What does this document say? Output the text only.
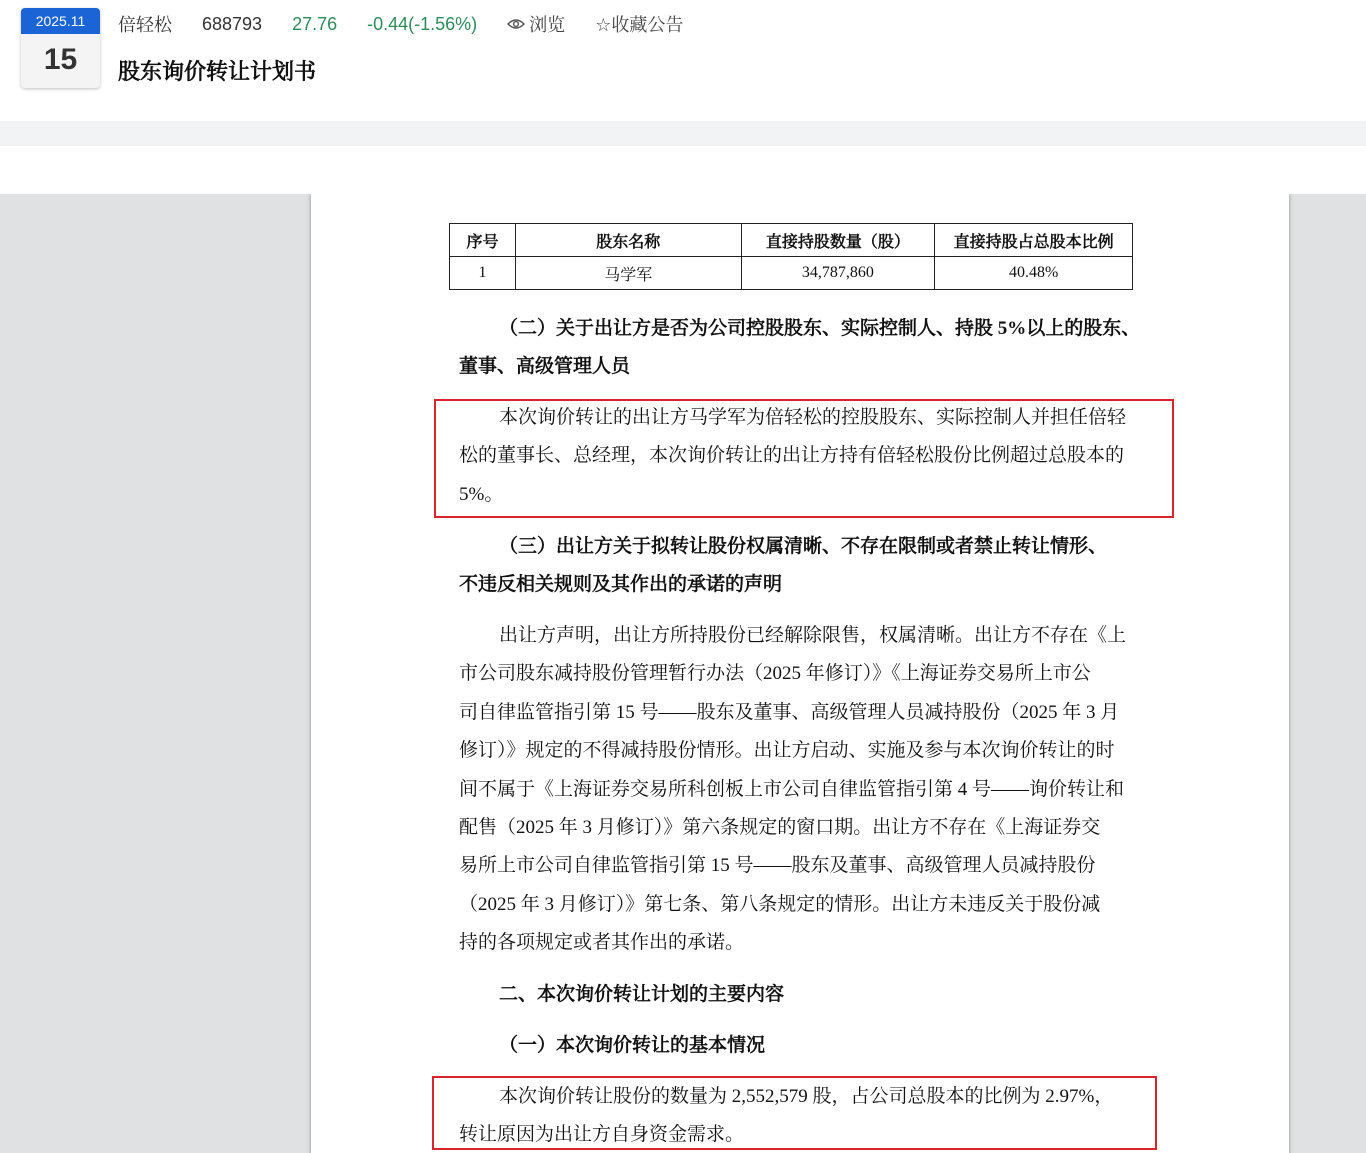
2025.11
15
倍轻松 688793 27.76 -0.44(-1.56%)	浏览 ☆收藏公告
股东询价转让计划书
序号	股东名称	直接持股数量（股）	直接持股占总股本比例
1	马学军	34,787,860	40.48%
（二）关于出让方是否为公司控股股东、实际控制人、持股 5%以上的股东、
董事、高级管理人员
本次询价转让的出让方马学军为倍轻松的控股股东、实际控制人并担任倍轻
松的董事长、总经理，本次询价转让的出让方持有倍轻松股份比例超过总股本的
5%。
（三）出让方关于拟转让股份权属清晰、不存在限制或者禁止转让情形、
不违反相关规则及其作出的承诺的声明
出让方声明，出让方所持股份已经解除限售，权属清晰。出让方不存在《上
市公司股东减持股份管理暂行办法（2025 年修订）》《上海证券交易所上市公
司自律监管指引第 15 号——股东及董事、高级管理人员减持股份（2025 年 3 月
修订）》规定的不得减持股份情形。出让方启动、实施及参与本次询价转让的时
间不属于《上海证券交易所科创板上市公司自律监管指引第 4 号——询价转让和
配售（2025 年 3 月修订）》第六条规定的窗口期。出让方不存在《上海证券交
易所上市公司自律监管指引第 15 号——股东及董事、高级管理人员减持股份
（2025 年 3 月修订）》第七条、第八条规定的情形。出让方未违反关于股份减
持的各项规定或者其作出的承诺。
二、本次询价转让计划的主要内容
（一）本次询价转让的基本情况
本次询价转让股份的数量为 2,552,579 股，占公司总股本的比例为 2.97%，
转让原因为出让方自身资金需求。
